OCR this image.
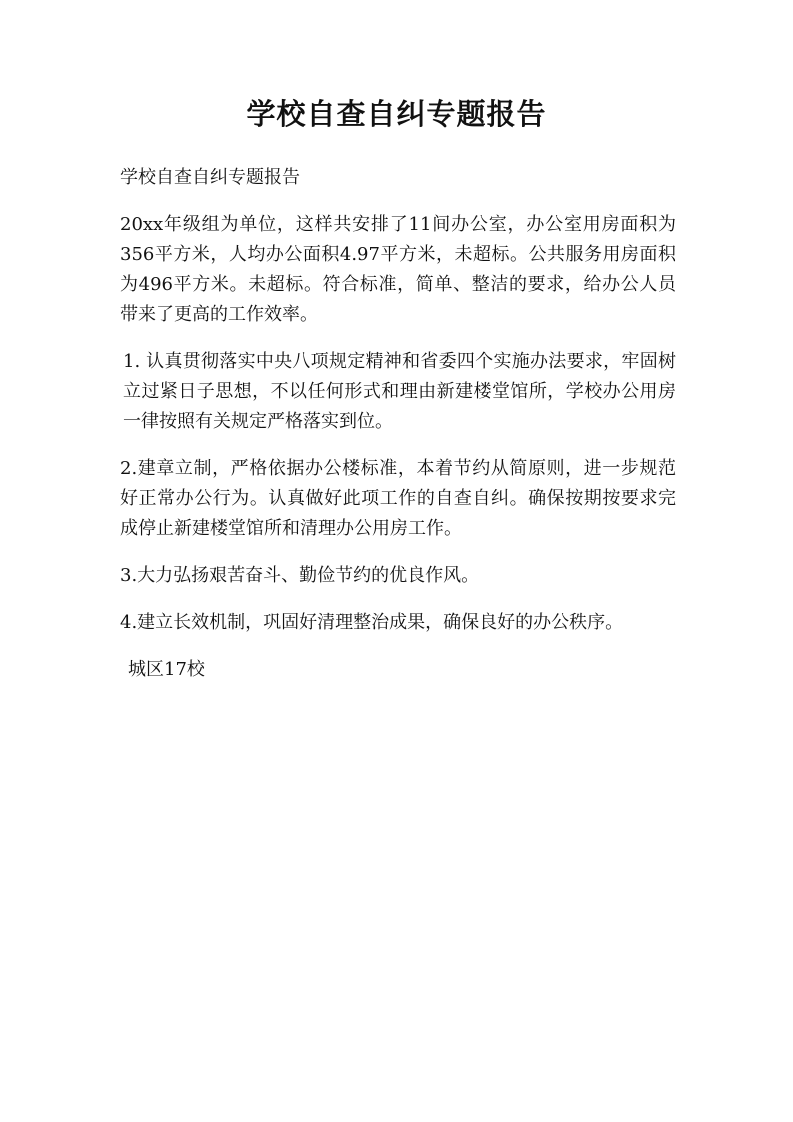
学校自查自纠专题报告

学校自查自纠专题报告

20xx年级组为单位，这样共安排了11间办公室，办公室用房面积为356平方米，人均办公面积4.97平方米，未超标。公共服务用房面积为496平方米。未超标。符合标准，简单、整洁的要求，给办公人员带来了更高的工作效率。

1. 认真贯彻落实中央八项规定精神和省委四个实施办法要求，牢固树立过紧日子思想，不以任何形式和理由新建楼堂馆所，学校办公用房一律按照有关规定严格落实到位。

2.建章立制，严格依据办公楼标准，本着节约从简原则，进一步规范好正常办公行为。认真做好此项工作的自查自纠。确保按期按要求完成停止新建楼堂馆所和清理办公用房工作。

3.大力弘扬艰苦奋斗、勤俭节约的优良作风。

4.建立长效机制，巩固好清理整治成果，确保良好的办公秩序。

城区17校
